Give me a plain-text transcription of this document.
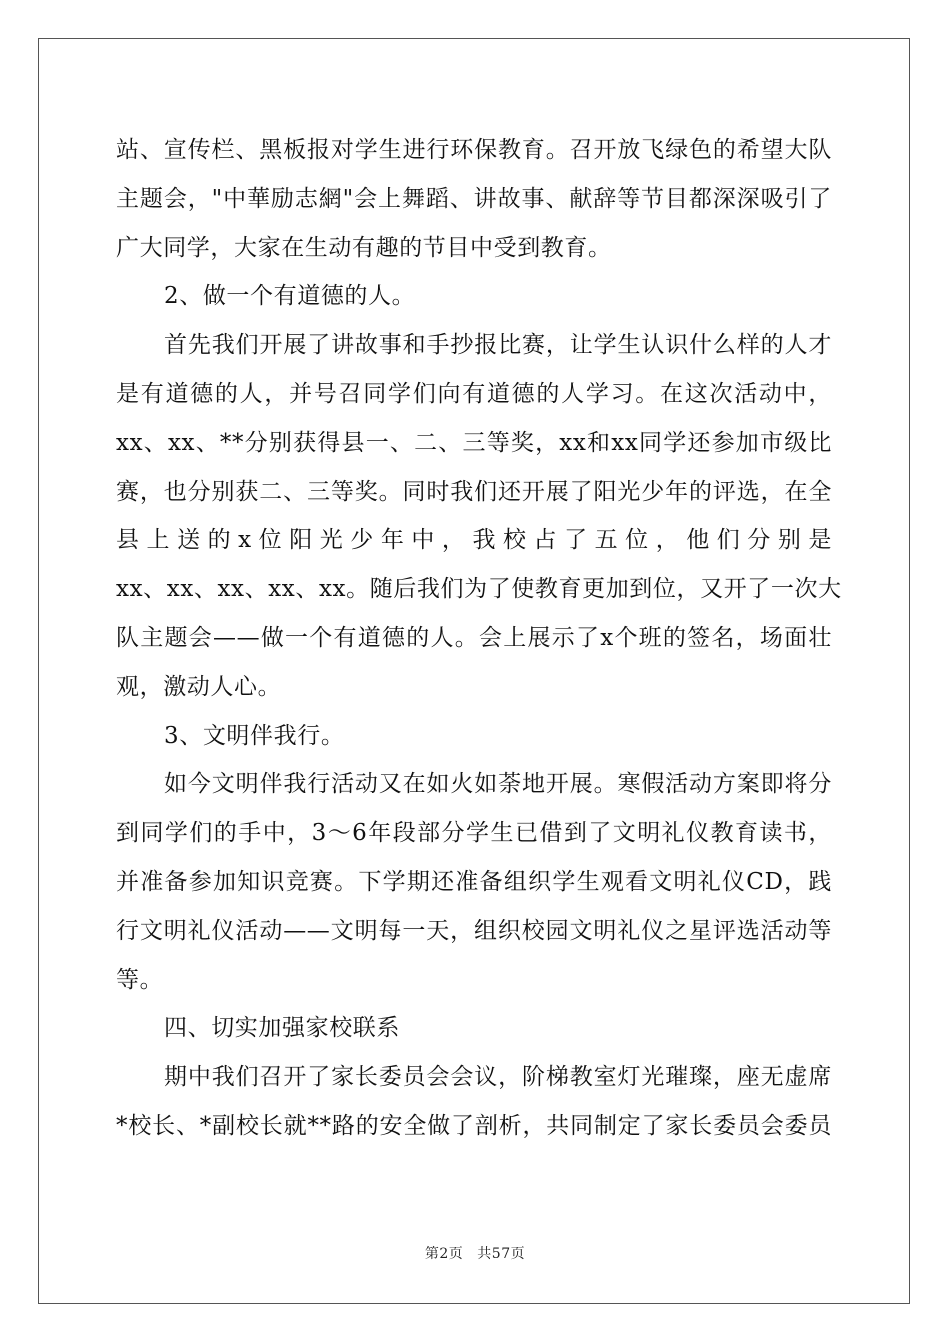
站、宣传栏、黑板报对学生进行环保教育。召开放飞绿色的希望大队
主题会，"中華励志網"会上舞蹈、讲故事、献辞等节目都深深吸引了
广大同学，大家在生动有趣的节目中受到教育。
2、做一个有道德的人。
首先我们开展了讲故事和手抄报比赛，让学生认识什么样的人才
是有道德的人，并号召同学们向有道德的人学习。在这次活动中，
xx、xx、**分别获得县一、二、三等奖，xx和xx同学还参加市级比
赛，也分别获二、三等奖。同时我们还开展了阳光少年的评选，在全
县上送的x位阳光少年中，我校占了五位，他们分别是
xx、xx、xx、xx、xx。随后我们为了使教育更加到位，又开了一次大
队主题会——做一个有道德的人。会上展示了x个班的签名，场面壮
观，激动人心。
3、文明伴我行。
如今文明伴我行活动又在如火如荼地开展。寒假活动方案即将分
到同学们的手中，3～6年段部分学生已借到了文明礼仪教育读书，
并准备参加知识竞赛。下学期还准备组织学生观看文明礼仪CD，践
行文明礼仪活动——文明每一天，组织校园文明礼仪之星评选活动等
等。
四、切实加强家校联系
期中我们召开了家长委员会会议，阶梯教室灯光璀璨，座无虚席
*校长、*副校长就**路的安全做了剖析，共同制定了家长委员会委员
第2页 共57页
